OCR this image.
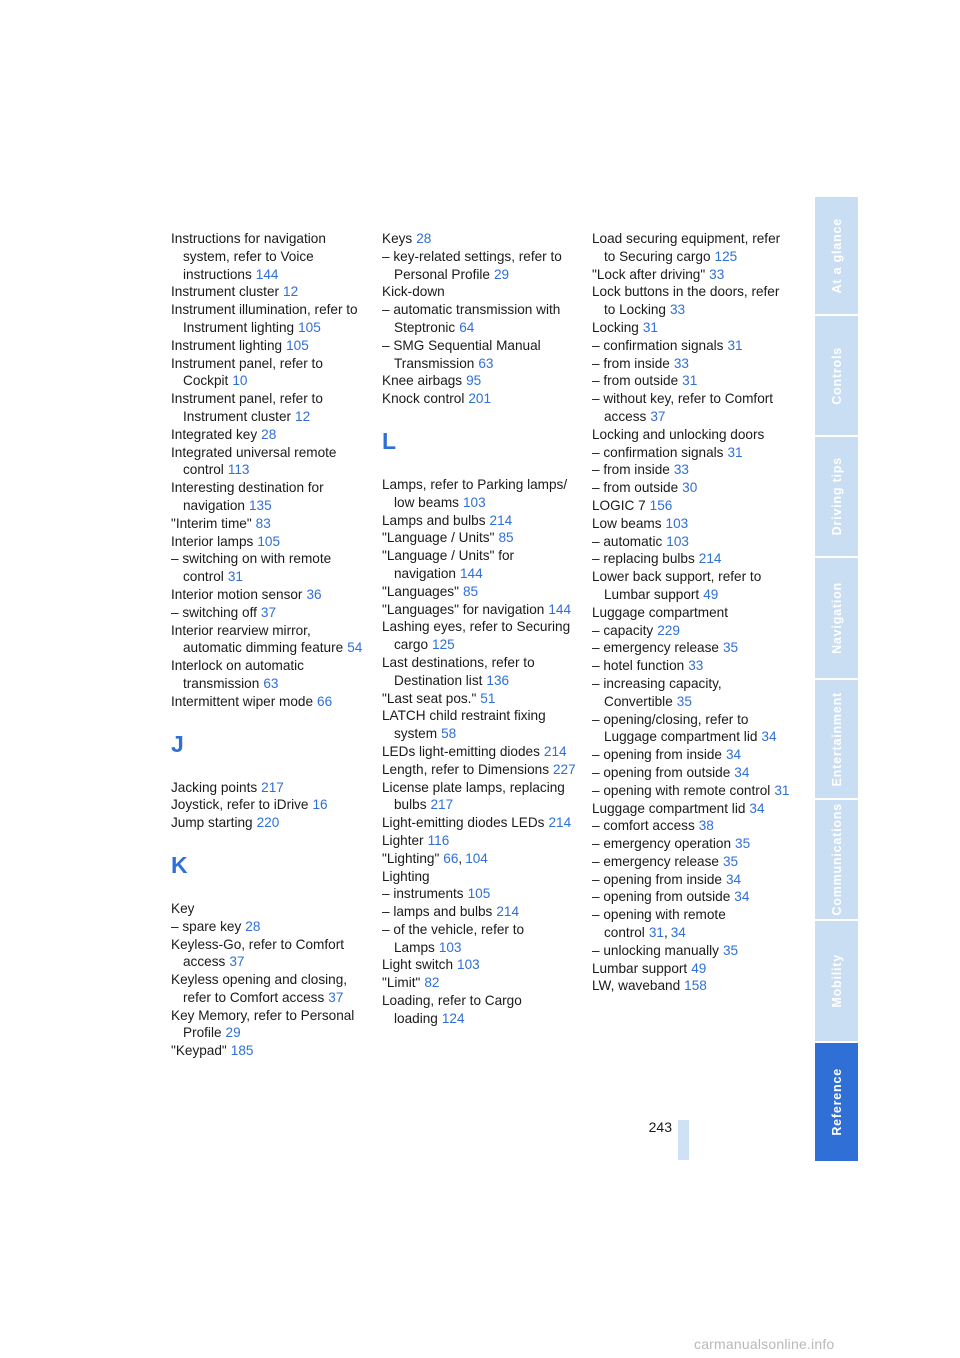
Instructions for navigation system, refer to Voice instructions 144
Instrument cluster 12
Instrument illumination, refer to Instrument lighting 105
Instrument lighting 105
Instrument panel, refer to Cockpit 10
Instrument panel, refer to Instrument cluster 12
Integrated key 28
Integrated universal remote control 113
Interesting destination for navigation 135
"Interim time" 83
Interior lamps 105
– switching on with remote control 31
Interior motion sensor 36
– switching off 37
Interior rearview mirror, automatic dimming feature 54
Interlock on automatic transmission 63
Intermittent wiper mode 66
J
Jacking points 217
Joystick, refer to iDrive 16
Jump starting 220
K
Key
– spare key 28
Keyless-Go, refer to Comfort access 37
Keyless opening and closing, refer to Comfort access 37
Key Memory, refer to Personal Profile 29
"Keypad" 185
Keys 28
– key-related settings, refer to Personal Profile 29
Kick-down
– automatic transmission with Steptronic 64
– SMG Sequential Manual Transmission 63
Knee airbags 95
Knock control 201
L
Lamps, refer to Parking lamps/ low beams 103
Lamps and bulbs 214
"Language / Units" 85
"Language / Units" for navigation 144
"Languages" 85
"Languages" for navigation 144
Lashing eyes, refer to Securing cargo 125
Last destinations, refer to Destination list 136
"Last seat pos." 51
LATCH child restraint fixing system 58
LEDs light-emitting diodes 214
Length, refer to Dimensions 227
License plate lamps, replacing bulbs 217
Light-emitting diodes LEDs 214
Lighter 116
"Lighting" 66, 104
Lighting
– instruments 105
– lamps and bulbs 214
– of the vehicle, refer to Lamps 103
Light switch 103
"Limit" 82
Loading, refer to Cargo loading 124
Load securing equipment, refer to Securing cargo 125
"Lock after driving" 33
Lock buttons in the doors, refer to Locking 33
Locking 31
– confirmation signals 31
– from inside 33
– from outside 31
– without key, refer to Comfort access 37
Locking and unlocking doors
– confirmation signals 31
– from inside 33
– from outside 30
LOGIC 7 156
Low beams 103
– automatic 103
– replacing bulbs 214
Lower back support, refer to Lumbar support 49
Luggage compartment
– capacity 229
– emergency release 35
– hotel function 33
– increasing capacity, Convertible 35
– opening/closing, refer to Luggage compartment lid 34
– opening from inside 34
– opening from outside 34
– opening with remote control 31
Luggage compartment lid 34
– comfort access 38
– emergency operation 35
– emergency release 35
– opening from inside 34
– opening from outside 34
– opening with remote control 31, 34
– unlocking manually 35
Lumbar support 49
LW, waveband 158
243
At a glance
Controls
Driving tips
Navigation
Entertainment
Communications
Mobility
Reference
carmanualsonline.info
